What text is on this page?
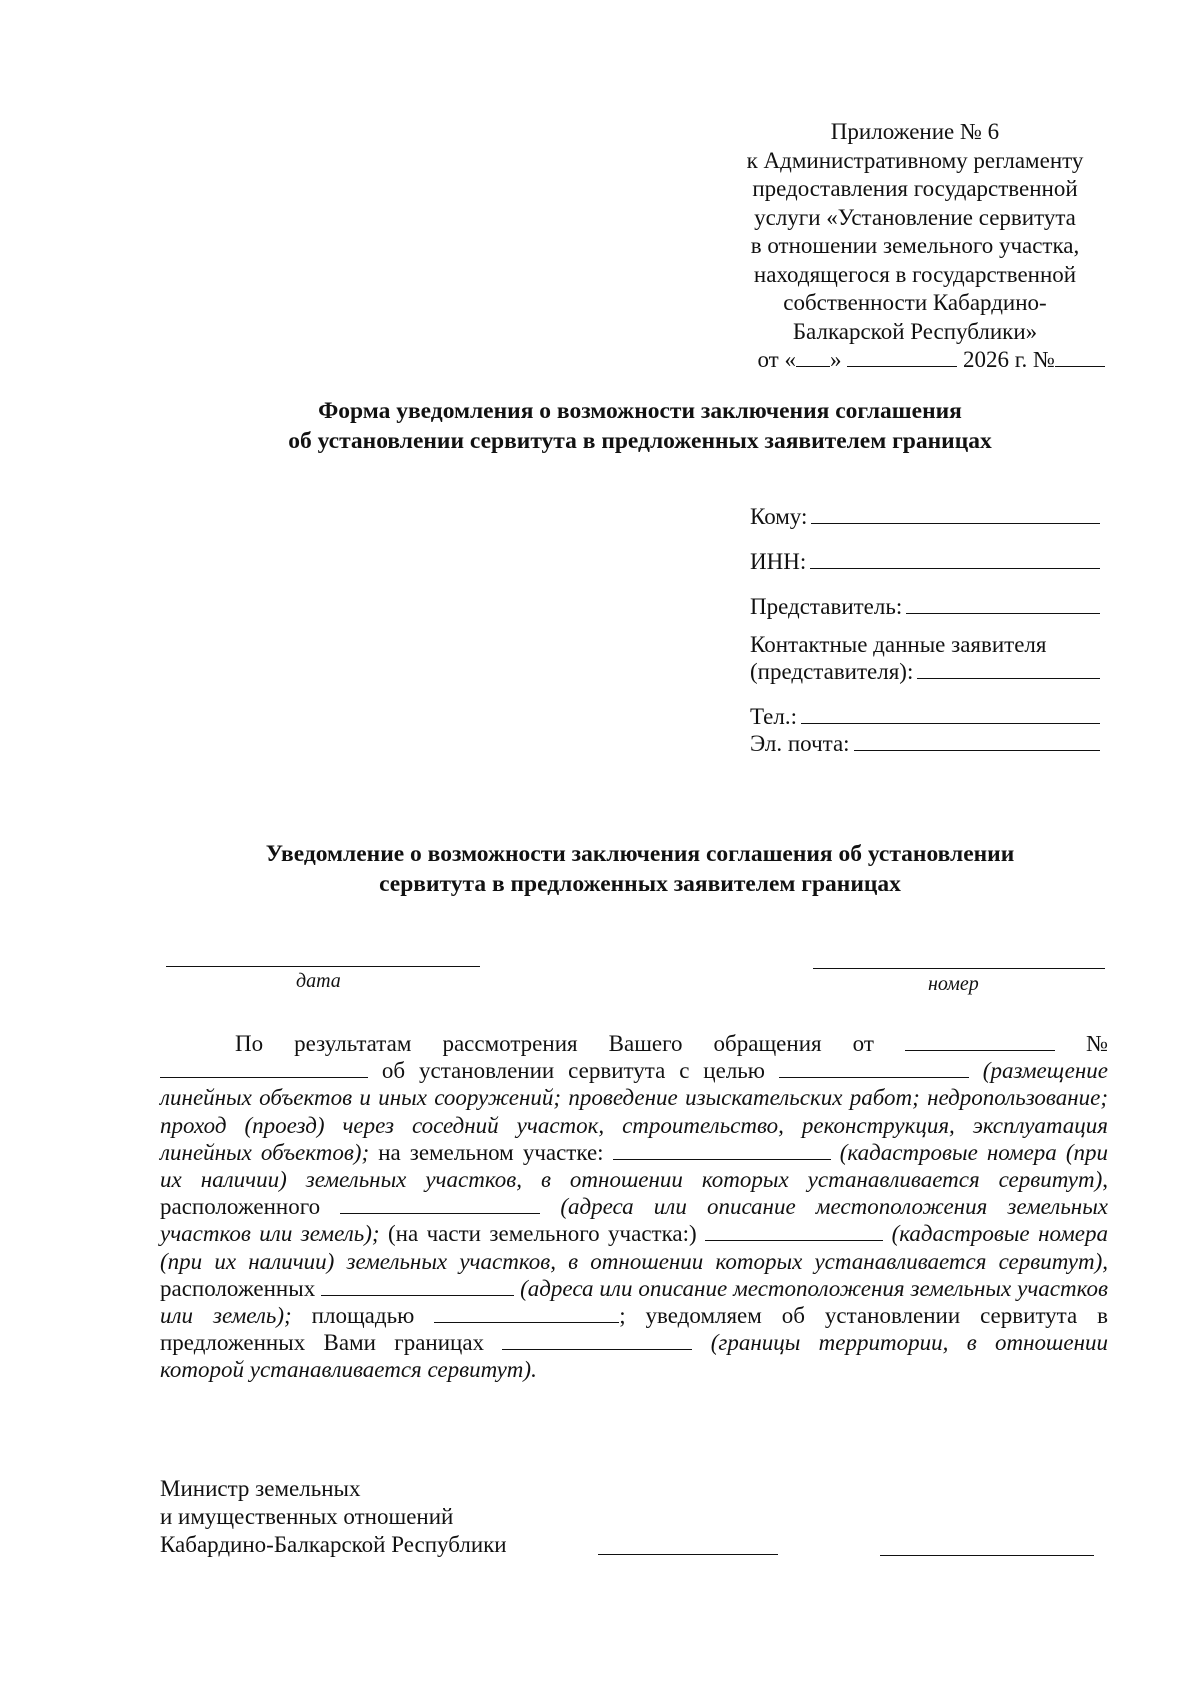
Приложение № 6
к Административному регламенту
предоставления государственной
услуги «Установление сервитута
в отношении земельного участка,
находящегося в государственной
собственности Кабардино-
Балкарской Республики»
от « »	2026 г. №
Форма уведомления о возможности заключения соглашения
об установлении сервитута в предложенных заявителем границах
Кому:
ИНН:
Представитель:
Контактные данные заявителя
(представителя):
Тел.:
Эл. почта:
Уведомление о возможности заключения соглашения об установлении
сервитута в предложенных заявителем границах
дата	номер

По результатам рассмотрения Вашего обращения от	№  об установлении сервитута с целью	(размещение линейных объектов и иных сооружений; проведение изыскательских работ; недропользование; проход (проезд) через соседний участок, строительство, реконструкция, эксплуатация линейных объектов); на земельном участке:	(кадастровые номера (при их наличии) земельных участков, в отношении которых устанавливается сервитут), расположенного	(адреса или описание местоположения земельных участков или земель); (на части земельного участка:)	(кадастровые номера (при их наличии) земельных участков, в отношении которых устанавливается сервитут), расположенных	(адреса или описание местоположения земельных участков или земель); площадью	; уведомляем об установлении сервитута в предложенных Вами границах	(границы территории, в отношении которой устанавливается сервитут).

Министр земельных
и имущественных отношений
Кабардино-Балкарской Республики
